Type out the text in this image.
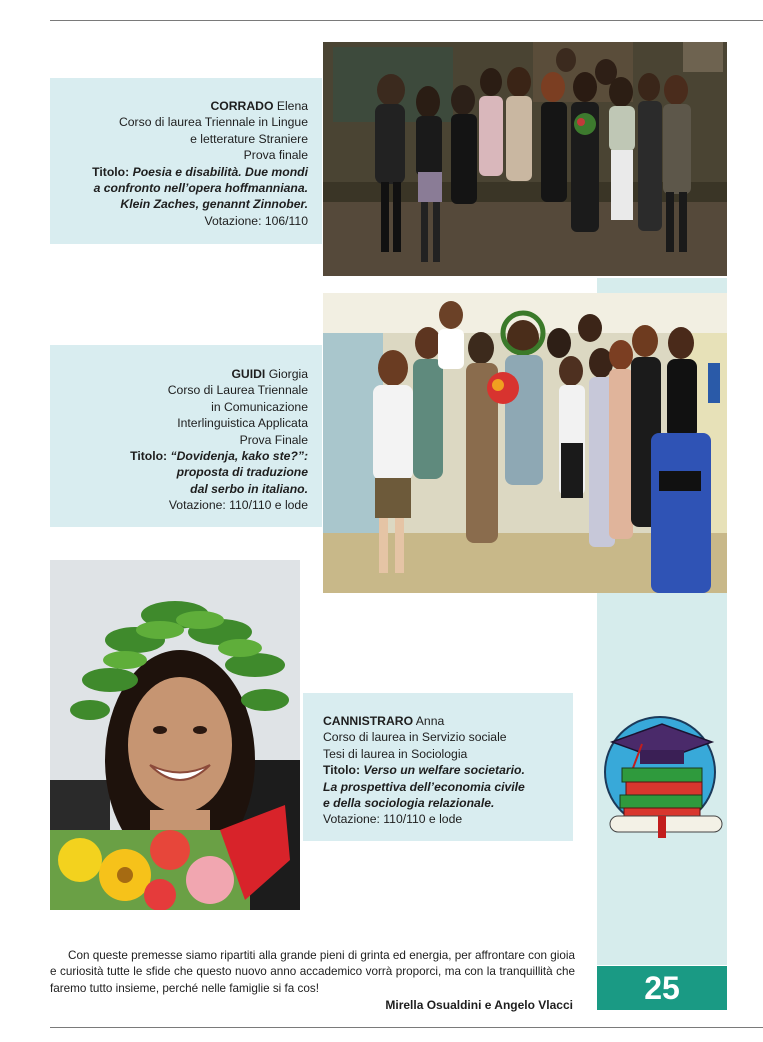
CORRADO Elena
Corso di laurea Triennale in Lingue
e letterature Straniere
Prova finale
Titolo: Poesia e disabilità. Due mondi
a confronto nell’opera hoffmanniana.
Klein Zaches, genannt Zinnober.
Votazione: 106/110
GUIDI Giorgia
Corso di Laurea Triennale
in Comunicazione
Interlinguistica Applicata
Prova Finale
Titolo: “Dovidenja, kako ste?”:
proposta di traduzione
dal serbo in italiano.
Votazione: 110/110 e lode
CANNISTRARO Anna
Corso di laurea in Servizio sociale
Tesi di laurea in Sociologia
Titolo: Verso un welfare societario.
La prospettiva dell’economia civile
e della sociologia relazionale.
Votazione: 110/110 e lode
25

Con queste premesse siamo ripartiti alla grande pieni di grinta ed energia, per affrontare con gioia e curiosità tutte le sfide che questo nuovo anno accademico vorrà proporci, ma con la tranquillità che faremo tutto insieme, perché nelle famiglie si fa cos!

Mirella Osualdini e Angelo Vlacci
